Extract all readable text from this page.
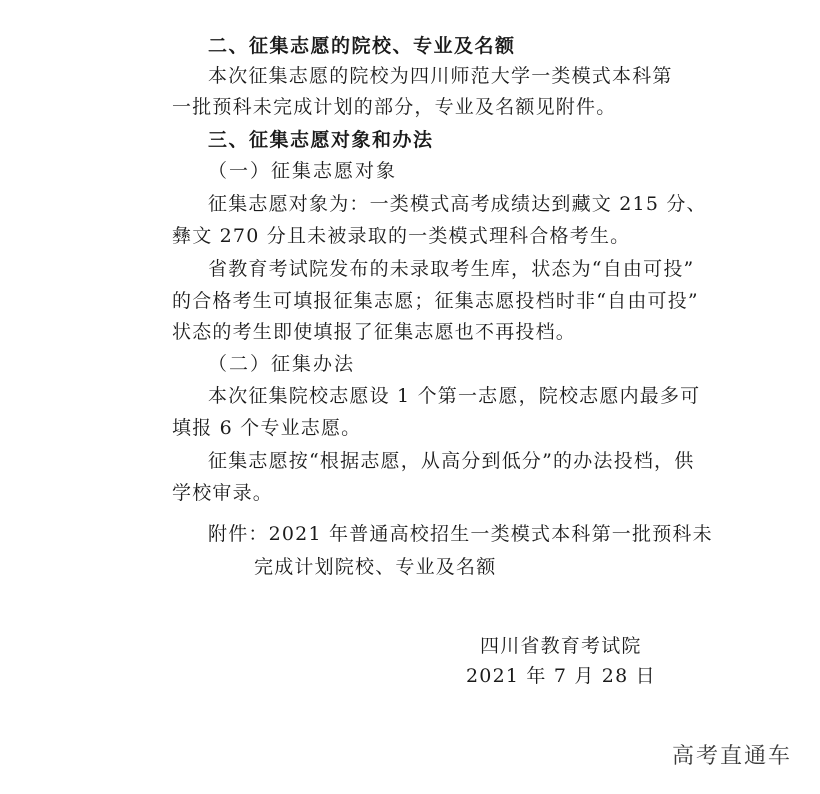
二、征集志愿的院校、专业及名额
本次征集志愿的院校为四川师范大学一类模式本科第
一批预科未完成计划的部分，专业及名额见附件。
三、征集志愿对象和办法
（一）征集志愿对象
征集志愿对象为：一类模式高考成绩达到藏文 215 分、
彝文 270 分且未被录取的一类模式理科合格考生。
省教育考试院发布的未录取考生库，状态为“自由可投”
的合格考生可填报征集志愿；征集志愿投档时非“自由可投”
状态的考生即使填报了征集志愿也不再投档。
（二）征集办法
本次征集院校志愿设 1 个第一志愿，院校志愿内最多可
填报 6 个专业志愿。
征集志愿按“根据志愿，从高分到低分”的办法投档，供
学校审录。
附件：2021 年普通高校招生一类模式本科第一批预科未
完成计划院校、专业及名额
四川省教育考试院
2021 年 7 月 28 日
高考直通车
